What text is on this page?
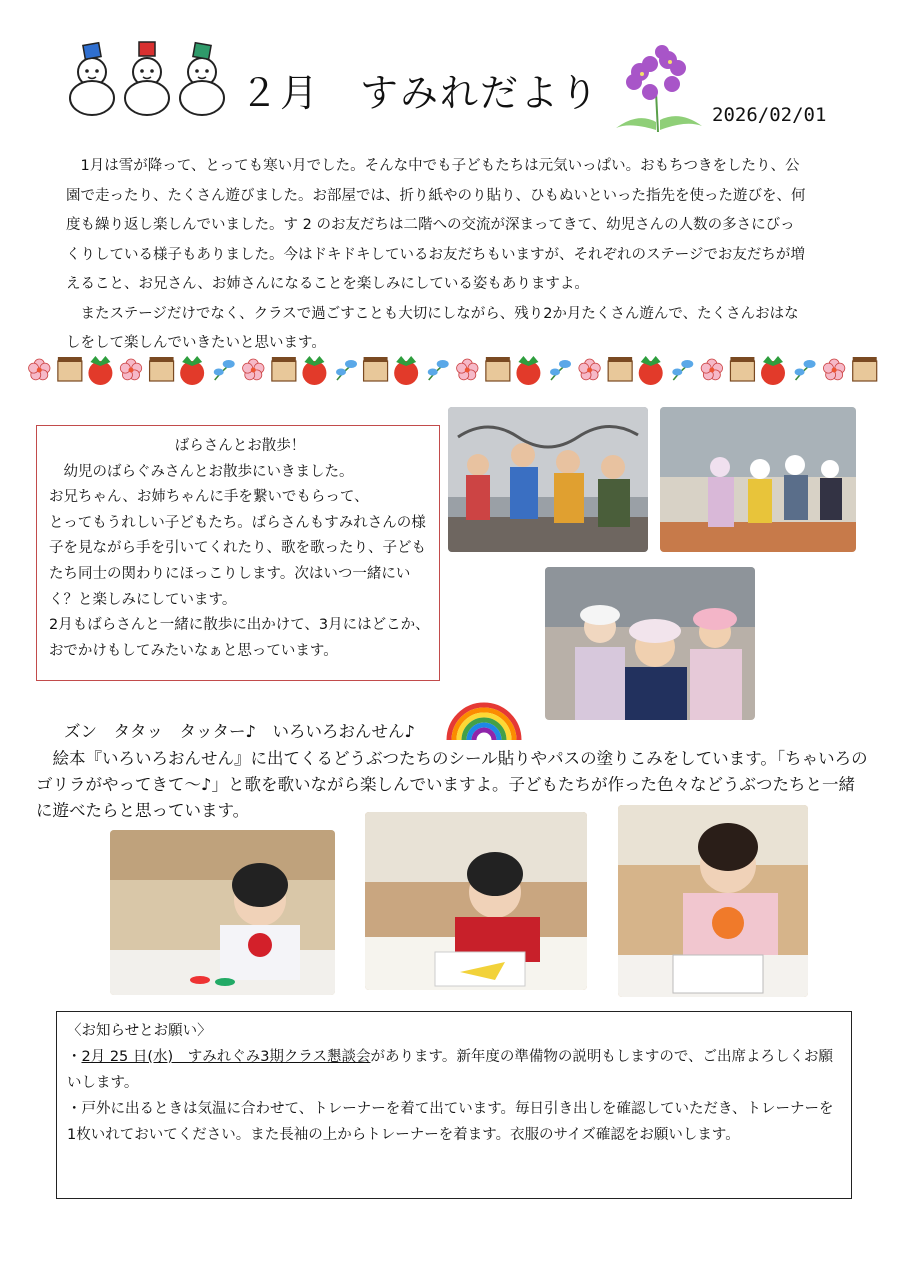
２月　すみれだより	2026/02/01

1月は雪が降って、とっても寒い月でした。そんな中でも子どもたちは元気いっぱい。おもちつきをしたり、公園で走ったり、たくさん遊びました。お部屋では、折り紙やのり貼り、ひもぬいといった指先を使った遊びを、何度も繰り返し楽しんでいました。す 2 のお友だちは二階への交流が深まってきて、幼児さんの人数の多さにびっくりしている様子もありました。今はドキドキしているお友だちもいますが、それぞれのステージでお友だちが増えること、お兄さん、お姉さんになることを楽しみにしている姿もありますよ。

またステージだけでなく、クラスで過ごすことも大切にしながら、残り2か月たくさん遊んで、たくさんおはなしをして楽しんでいきたいと思います。

ばらさんとお散歩！
幼児のばらぐみさんとお散歩にいきました。
お兄ちゃん、お姉ちゃんに手を繋いでもらって、
とってもうれしい子どもたち。ばらさんもすみれさんの様子を見ながら手を引いてくれたり、歌を歌ったり、子どもたち同士の関わりにほっこりします。次はいつ一緒にいく？と楽しみにしています。
2月もばらさんと一緒に散歩に出かけて、3月にはどこか、おでかけもしてみたいなぁと思っています。
ズン　タタッ　タッター♪　いろいろおんせん♪

絵本『いろいろおんせん』に出てくるどうぶつたちのシール貼りやパスの塗りこみをしています。「ちゃいろのゴリラがやってきて～♪」と歌を歌いながら楽しんでいますよ。子どもたちが作った色々などうぶつたちと一緒に遊べたらと思っています。

〈お知らせとお願い〉

・2月 25 日(水)　すみれぐみ3期クラス懇談会があります。新年度の準備物の説明もしますので、ご出席よろしくお願いします。

・戸外に出るときは気温に合わせて、トレーナーを着て出ています。毎日引き出しを確認していただき、トレーナーを1枚いれておいてください。また長袖の上からトレーナーを着ます。衣服のサイズ確認をお願いします。
